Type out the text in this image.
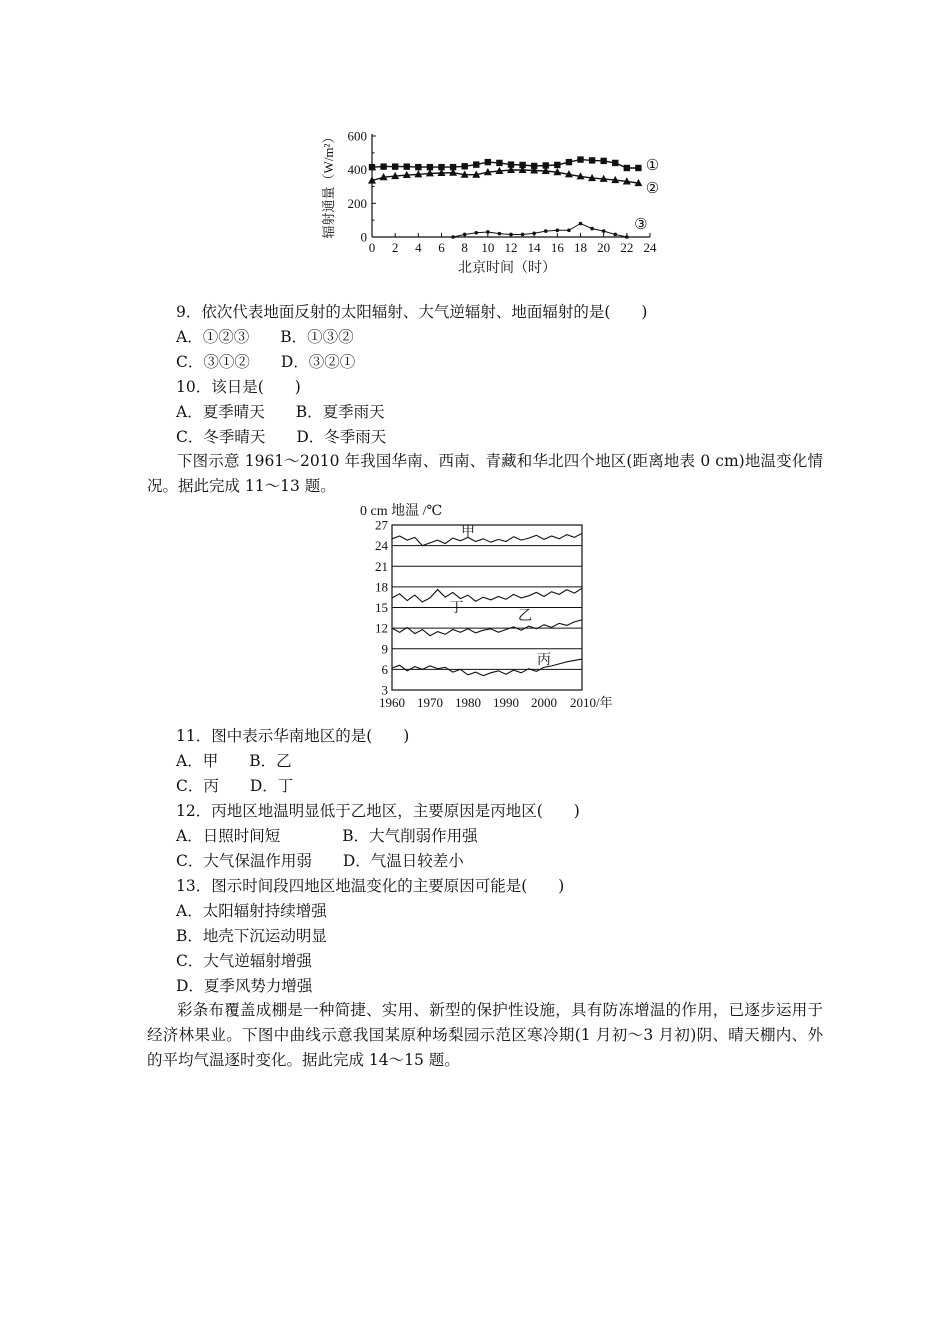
0
200
400
600
0 2 4 6 8 10 12 14 16 18 20 22 24
北京时间（时）
辐射通量（W/m²）	①
②
③
9．依次代表地面反射的太阳辐射、大气逆辐射、地面辐射的是(　　)
A．①②③　　B．①③②
C．③①②　　D．③②①
10．该日是(　　)
A．夏季晴天　　B．夏季雨天
C．冬季晴天　　D．冬季雨天
下图示意 1961～2010 年我国华南、西南、青藏和华北四个地区(距离地表 0 cm)地温变化情况。据此完成 11～13 题。
0 cm 地温 /℃
3
6
9
12
15
18
21
24
27
1960 1970 1980 1990 2000 2010/年
甲
丁
乙
丙
11．图中表示华南地区的是(　　)
A．甲　　B．乙
C．丙　　D．丁
12．丙地区地温明显低于乙地区，主要原因是丙地区(　　)
A．日照时间短　　　　B．大气削弱作用强
C．大气保温作用弱　　D．气温日较差小
13．图示时间段四地区地温变化的主要原因可能是(　　)
A．太阳辐射持续增强
B．地壳下沉运动明显
C．大气逆辐射增强
D．夏季风势力增强
彩条布覆盖成棚是一种简捷、实用、新型的保护性设施，具有防冻增温的作用，已逐步运用于经济林果业。下图中曲线示意我国某原种场梨园示范区寒冷期(1 月初～3 月初)阴、晴天棚内、外的平均气温逐时变化。据此完成 14～15 题。
